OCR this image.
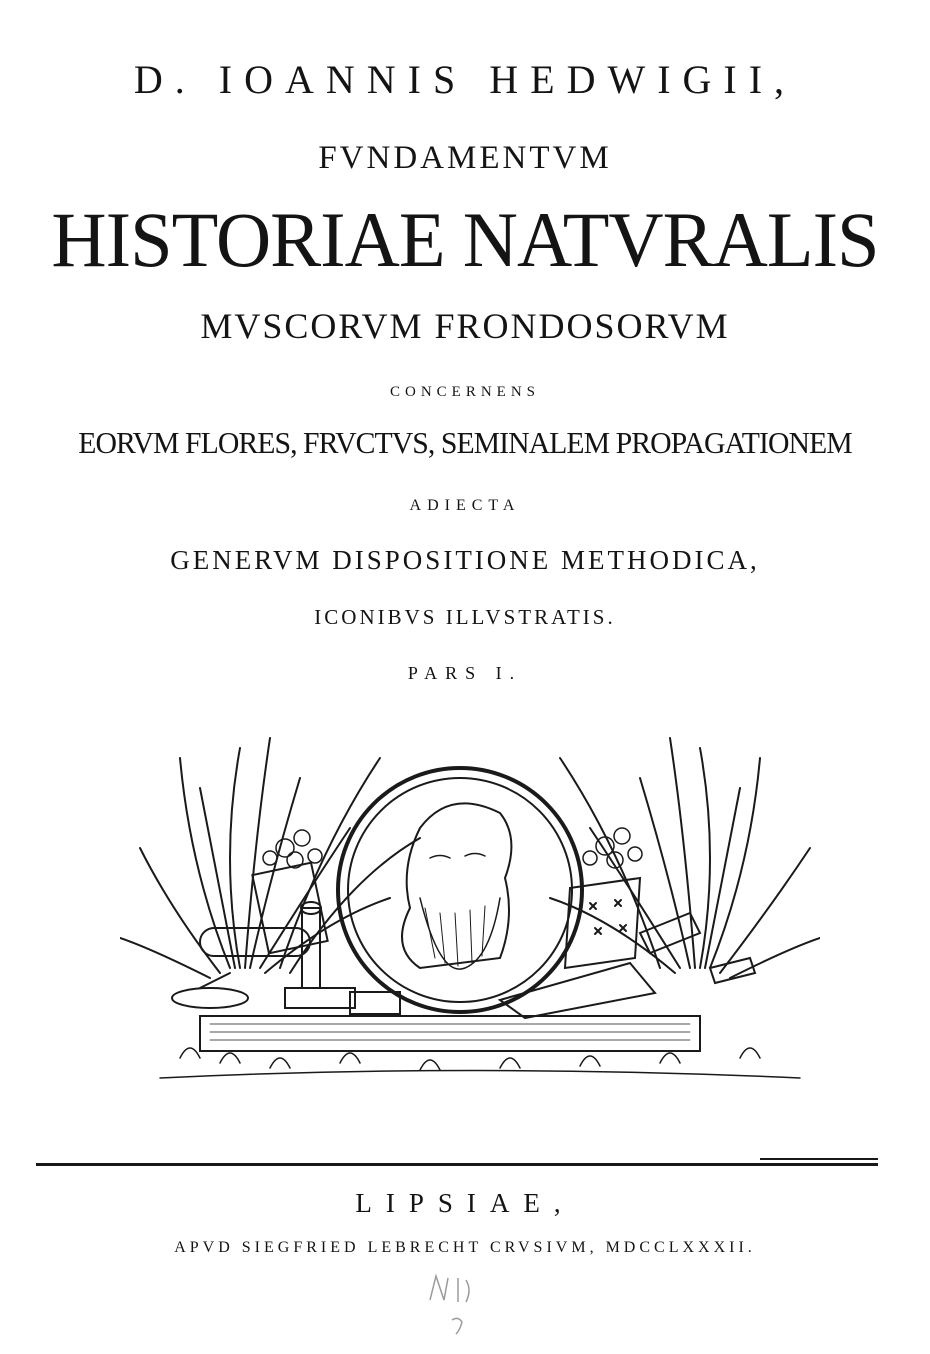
D. IOANNIS HEDWIGII,
FVNDAMENTVM
HISTORIAE NATVRALIS
MVSCORVM FRONDOSORVM
CONCERNENS
EORVM FLORES, FRVCTVS, SEMINALEM PROPAGATIONEM
ADIECTA
GENERVM DISPOSITIONE METHODICA,
ICONIBVS ILLVSTRATIS.
PARS I.
LIPSIAE,
APVD SIEGFRIED LEBRECHT CRVSIVM, MDCCLXXXII.
